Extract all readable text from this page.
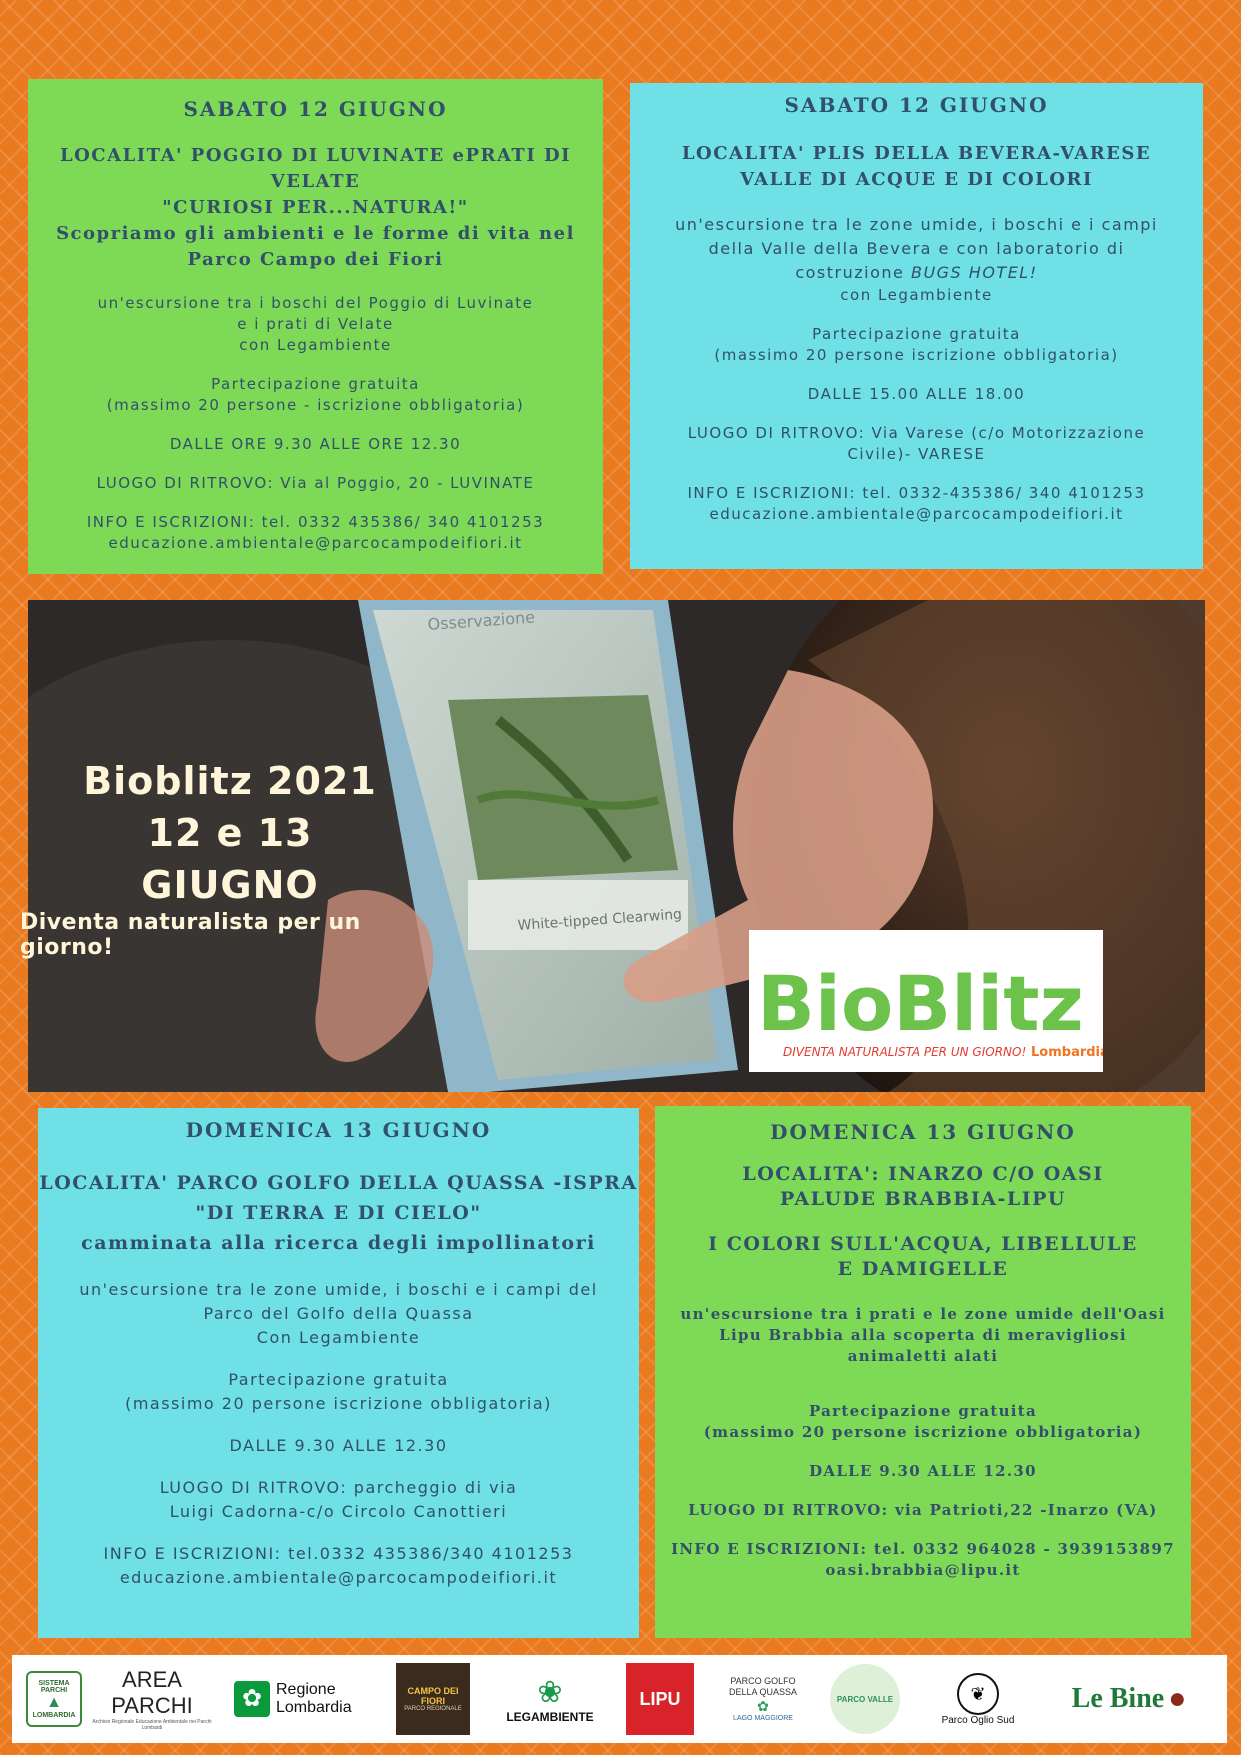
SABATO 12 GIUGNO

LOCALITA' POGGIO DI LUVINATE ePRATI DI VELATE

"CURIOSI PER...NATURA!"

Scopriamo gli ambienti e le forme di vita nel

Parco Campo dei Fiori

un'escursione tra i boschi del Poggio di Luvinate

e i prati di Velate

con Legambiente

Partecipazione gratuita

(massimo 20 persone - iscrizione obbligatoria)

DALLE ORE 9.30 ALLE ORE 12.30

LUOGO DI RITROVO: Via al Poggio, 20 - LUVINATE

INFO E ISCRIZIONI: tel. 0332 435386/ 340 4101253

educazione.ambientale@parcocampodeifiori.it

SABATO 12 GIUGNO

LOCALITA' PLIS DELLA BEVERA-VARESE

VALLE DI ACQUE E DI COLORI

un'escursione tra le zone umide, i boschi e i campi

della Valle della Bevera e con laboratorio di

costruzione BUGS HOTEL!

con Legambiente

Partecipazione gratuita

(massimo 20 persone iscrizione obbligatoria)

DALLE 15.00 ALLE 18.00

LUOGO DI RITROVO: Via Varese (c/o Motorizzazione

Civile)- VARESE

INFO E ISCRIZIONI: tel. 0332-435386/ 340 4101253

educazione.ambientale@parcocampodeifiori.it

Osservazione
White-tipped Clearwing
Bioblitz 2021
12 e 13 GIUGNO
Diventa naturalista per un giorno!
BioBlitz
DIVENTA NATURALISTA PER UN GIORNO! Lombardia

DOMENICA 13 GIUGNO

LOCALITA' PARCO GOLFO DELLA QUASSA -ISPRA

"DI TERRA E DI CIELO"

camminata alla ricerca degli impollinatori

un'escursione tra le zone umide, i boschi e i campi del

Parco del Golfo della Quassa

Con Legambiente

Partecipazione gratuita

(massimo 20 persone iscrizione obbligatoria)

DALLE 9.30 ALLE 12.30

LUOGO DI RITROVO: parcheggio di via

Luigi Cadorna-c/o Circolo Canottieri

INFO E ISCRIZIONI: tel.0332 435386/340 4101253

educazione.ambientale@parcocampodeifiori.it

DOMENICA 13 GIUGNO

LOCALITA': INARZO C/O OASI

PALUDE BRABBIA-LIPU

I COLORI SULL'ACQUA, LIBELLULE

E DAMIGELLE

un'escursione tra i prati e le zone umide dell'Oasi

Lipu Brabbia alla scoperta di meravigliosi

animaletti alati

Partecipazione gratuita

(massimo 20 persone iscrizione obbligatoria)

DALLE 9.30 ALLE 12.30

LUOGO DI RITROVO: via Patrioti,22 -Inarzo (VA)

INFO E ISCRIZIONI: tel. 0332 964028 - 3939153897

oasi.brabbia@lipu.it

SISTEMA PARCHI
▲
LOMBARDIA
AREA PARCHI
Archivio Regionale Educazione Ambientale nei Parchi Lombardi
✿ Regione Lombardia
CAMPO DEI FIORI
PARCO REGIONALE
❀
LEGAMBIENTE
LIPU
PARCO GOLFO DELLA QUASSA
✿
LAGO MAGGIORE
PARCO VALLE	❦
Parco Oglio Sud
Le Bine ●
